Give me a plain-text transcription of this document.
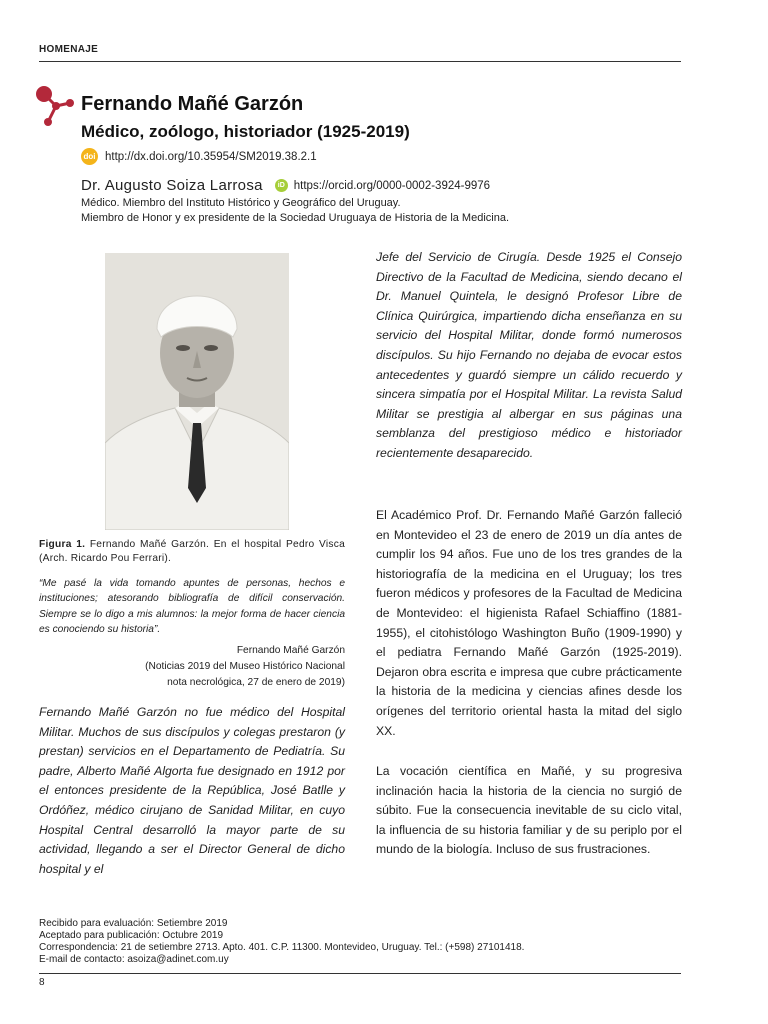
HOMENAJE
Fernando Mañé Garzón
Médico, zoólogo, historiador (1925-2019)
doi http://dx.doi.org/10.35954/SM2019.38.2.1
Dr. Augusto Soiza Larrosa	iD https://orcid.org/0000-0002-3924-9976
Médico. Miembro del Instituto Histórico y Geográfico del Uruguay.
Miembro de Honor y ex presidente de la Sociedad Uruguaya de Historia de la Medicina.
Figura 1. Fernando Mañé Garzón. En el hospital Pedro Visca (Arch. Ricardo Pou Ferrari).
“Me pasé la vida tomando apuntes de personas, hechos e instituciones; atesorando bibliografía de difícil conservación. Siempre se lo digo a mis alumnos: la mejor forma de hacer ciencia es conociendo su historia”.
Fernando Mañé Garzón
(Noticias 2019 del Museo Histórico Nacional
nota necrológica, 27 de enero de 2019)
Fernando Mañé Garzón no fue médico del Hospital Militar. Muchos de sus discípulos y colegas prestaron (y prestan) servicios en el Departamento de Pediatría. Su padre, Alberto Mañé Algorta fue designado en 1912 por el entonces presidente de la República, José Batlle y Ordóñez, médico cirujano de Sanidad Militar, en cuyo Hospital Central desarrolló la mayor parte de su actividad, llegando a ser el Director General de dicho hospital y el
Jefe del Servicio de Cirugía. Desde 1925 el Consejo Directivo de la Facultad de Medicina, siendo decano el Dr. Manuel Quintela, le designó Profesor Libre de Clínica Quirúrgica, impartiendo dicha enseñanza en su servicio del Hospital Militar, donde formó numerosos discípulos. Su hijo Fernando no dejaba de evocar estos antecedentes y guardó siempre un cálido recuerdo y sincera simpatía por el Hospital Militar. La revista Salud Militar se prestigia al albergar en sus páginas una semblanza del prestigioso médico e historiador recientemente desaparecido.
El Académico Prof. Dr. Fernando Mañé Garzón falleció en Montevideo el 23 de enero de 2019 un día antes de cumplir los 94 años. Fue uno de los tres grandes de la historiografía de la medicina en el Uruguay; los tres fueron médicos y profesores de la Facultad de Medicina de Montevideo: el higienista Rafael Schiaffino (1881-1955), el citohistólogo Washington Buño (1909-1990) y el pediatra Fernando Mañé Garzón (1925-2019). Dejaron obra escrita e impresa que cubre prácticamente la historia de la medicina y ciencias afines desde los orígenes del territorio oriental hasta la mitad del siglo XX.
La vocación científica en Mañé, y su progresiva inclinación hacia la historia de la ciencia no surgió de súbito. Fue la consecuencia inevitable de su ciclo vital, la influencia de su historia familiar y de su periplo por el mundo de la biología. Incluso de sus frustraciones.
Recibido para evaluación: Setiembre 2019
Aceptado para publicación: Octubre 2019
Correspondencia: 21 de setiembre 2713. Apto. 401. C.P. 11300. Montevideo, Uruguay. Tel.: (+598) 27101418.
E-mail de contacto: asoiza@adinet.com.uy
8
